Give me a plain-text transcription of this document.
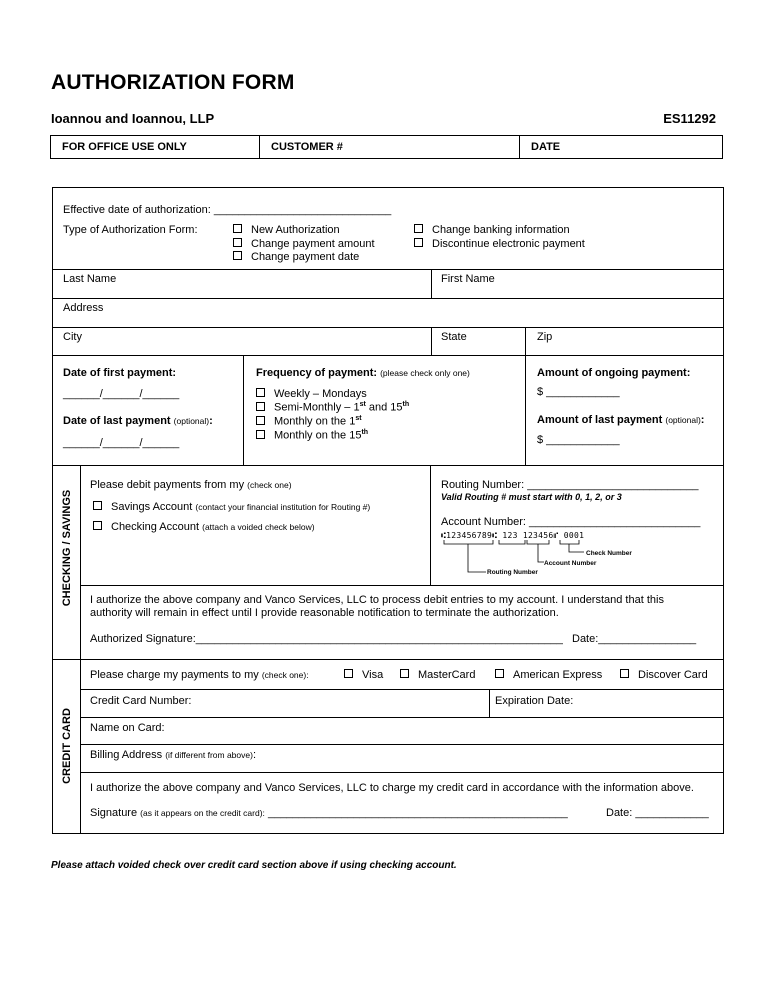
AUTHORIZATION FORM
Ioannou and Ioannou, LLP	ES11292
FOR OFFICE USE ONLY	CUSTOMER #	DATE
Effective date of authorization: _____________________________
Type of Authorization Form:	New Authorization
Change payment amount
Change payment date
Change banking information
Discontinue electronic payment
Last Name	First Name
Address
City	State	Zip
Date of first payment:
______/______/______
Date of last payment (optional):
______/______/______
Frequency of payment: (please check only one)
Weekly – Mondays
Semi-Monthly – 1st and 15th
Monthly on the 1st
Monthly on the 15th
Amount of ongoing payment:
$ ____________
Amount of last payment (optional):
$ ____________
CHECKING / SAVINGS
Please debit payments from my (check one)
Savings Account (contact your financial institution for Routing #)
Checking Account (attach a voided check below)
Routing Number: ____________________________
Valid Routing # must start with 0, 1, 2, or 3
Account Number: ____________________________
⑆123456789⑆ 123 123456⑈ 0001
Check Number
Account Number
Routing Number
I authorize the above company and Vanco Services, LLC to process debit entries to my account. I understand that this
authority will remain in effect until I provide reasonable notification to terminate the authorization.
Authorized Signature:____________________________________________________________ Date:________________
CREDIT CARD
Please charge my payments to my (check one):	Visa	MasterCard	American Express	Discover Card
Credit Card Number:	Expiration Date:
Name on Card:
Billing Address (if different from above):
I authorize the above company and Vanco Services, LLC to charge my credit card in accordance with the information above.
Signature (as it appears on the credit card): _________________________________________________	Date: ____________
Please attach voided check over credit card section above if using checking account.
